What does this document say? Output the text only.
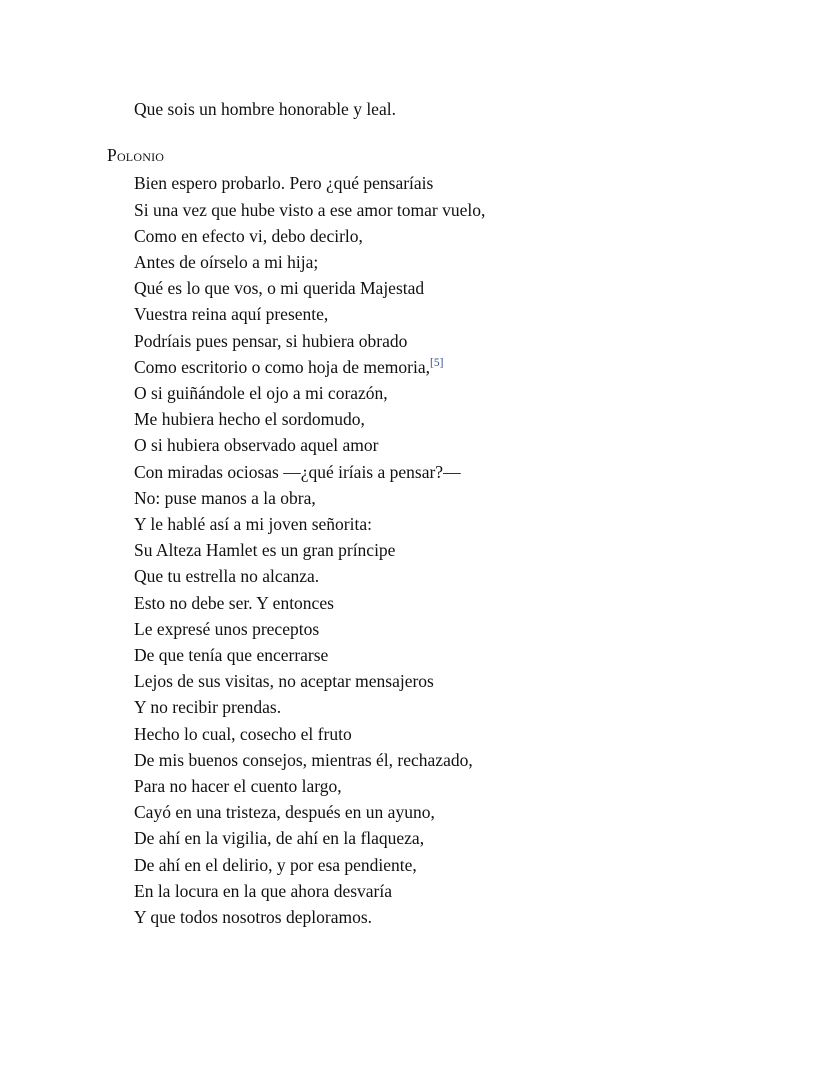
Que sois un hombre honorable y leal.

Polonio

Bien espero probarlo. Pero ¿qué pensaríais

Si una vez que hube visto a ese amor tomar vuelo,

Como en efecto vi, debo decirlo,

Antes de oírselo a mi hija;

Qué es lo que vos, o mi querida Majestad

Vuestra reina aquí presente,

Podríais pues pensar, si hubiera obrado

Como escritorio o como hoja de memoria,[5]

O si guiñándole el ojo a mi corazón,

Me hubiera hecho el sordomudo,

O si hubiera observado aquel amor

Con miradas ociosas —¿qué iríais a pensar?—

No: puse manos a la obra,

Y le hablé así a mi joven señorita:

Su Alteza Hamlet es un gran príncipe

Que tu estrella no alcanza.

Esto no debe ser. Y entonces

Le expresé unos preceptos

De que tenía que encerrarse

Lejos de sus visitas, no aceptar mensajeros

Y no recibir prendas.

Hecho lo cual, cosecho el fruto

De mis buenos consejos, mientras él, rechazado,

Para no hacer el cuento largo,

Cayó en una tristeza, después en un ayuno,

De ahí en la vigilia, de ahí en la flaqueza,

De ahí en el delirio, y por esa pendiente,

En la locura en la que ahora desvaría

Y que todos nosotros deploramos.
